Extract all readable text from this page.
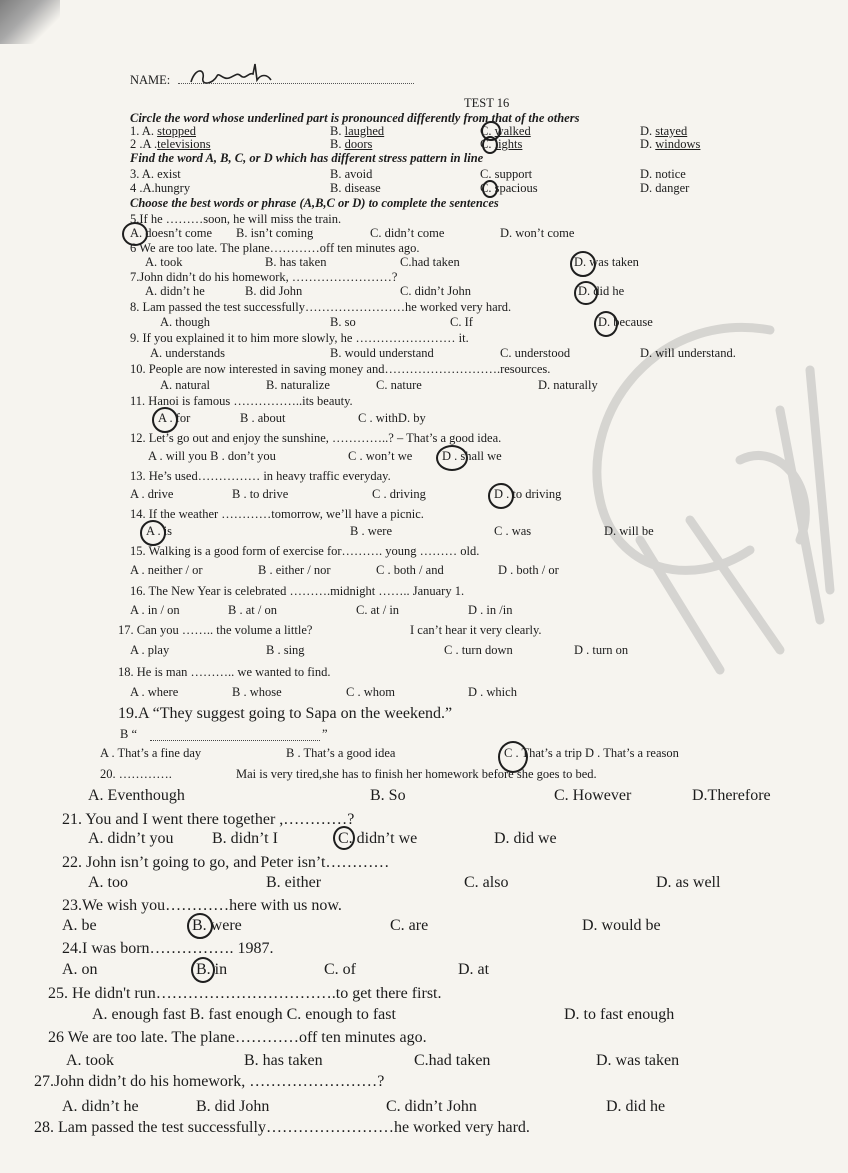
NAME:
TEST 16
Circle the word whose underlined part is pronounced differently from that of the others
1. A. stopped	B. laughed	C. walked	D. stayed
2 .A .televisions	B. doors	C. lights	D. windows
Find the word A, B, C, or D which has different stress pattern in line
3. A. exist	B. avoid	C. support	D. notice
4 .A.hungry	B. disease	C. spacious	D. danger
Choose the best words or phrase (A,B,C or D) to complete the sentences
5.If he ………soon, he will miss the train.
A. doesn’t come B. isn’t coming	C. didn’t come	D. won’t come
6 We are too late. The plane…………off ten minutes ago.
A. took	B. has taken	C.had taken	D. was taken
7.John didn’t do his homework, ……………………?
A. didn’t he	B. did John	C. didn’t John	D. did he
8. Lam passed the test successfully……………………he worked very hard.
A. though	B. so	C. If	D. because
9. If you explained it to him more slowly, he …………………… it.
A. understands	B. would understand	C. understood	D. will understand.
10. People are now interested in saving money and……………………….resources.
A. natural	B. naturalize	C. nature	D. naturally
11. Hanoi is famous ……………..its beauty.
A . for	B . about	C . withD. by
12. Let’s go out and enjoy the sunshine, …………..? – That’s a good idea.
A . will you B . don’t you	C . won’t we D . shall we
13. He’s used…………… in heavy traffic everyday.
A . drive	B . to drive	C . driving	D . to driving
14. If the weather …………tomorrow, we’ll have a picnic.
A . is	B . were	C . was	D. will be
15. Walking is a good form of exercise for………. young ……… old.
A . neither / or	B . either / nor	C . both / and	D . both / or
16. The New Year is celebrated ……….midnight …….. January 1.
A . in / on	B . at / on	C. at / in	D . in /in
17. Can you …….. the volume a little?	I can’t hear it very clearly.
A . play	B . sing	C . turn down	D . turn on
18. He is man ……….. we wanted to find.
A . where	B . whose	C . whom	D . which
19.A “They suggest going to Sapa on the weekend.”
B “	”
A . That’s a fine day	B . That’s a good idea	C . That’s a trip D . That’s a reason
20. ………….	Mai is very tired,she has to finish her homework before she goes to bed.
A. Eventhough	B. So	C. However	D.Therefore
21. You and I went there together ,…………?
A. didn’t you B. didn’t I	C. didn’t we	D. did we
22. John isn’t going to go, and Peter isn’t…………
A. too	B. either	C. also	D. as well
23.We wish you…………here with us now.
A. be	B. were	C. are	D. would be
24.I was born……………. 1987.
A. on	B. in	C. of	D. at
25. He didn't run…………………………….to get there first.
A. enough fast B. fast enough C. enough to fast	D. to fast enough
26 We are too late. The plane…………off ten minutes ago.
A. took	B. has taken	C.had taken	D. was taken
27.John didn’t do his homework, ……………………?
A. didn’t he	B. did John	C. didn’t John	D. did he
28. Lam passed the test successfully……………………he worked very hard.
